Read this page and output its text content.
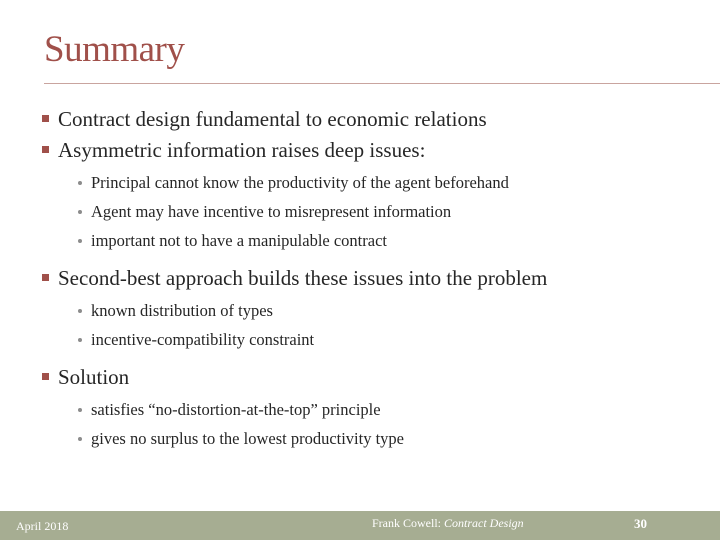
Summary
Contract design fundamental to economic relations
Asymmetric information raises deep issues:
Principal cannot know the productivity of the agent beforehand
Agent may have incentive to misrepresent information
important not to have a manipulable contract
Second-best approach builds these issues into the problem
known distribution of types
incentive-compatibility constraint
Solution
satisfies “no-distortion-at-the-top” principle
gives no surplus to the lowest productivity type
April 2018	Frank Cowell: Contract Design	30
